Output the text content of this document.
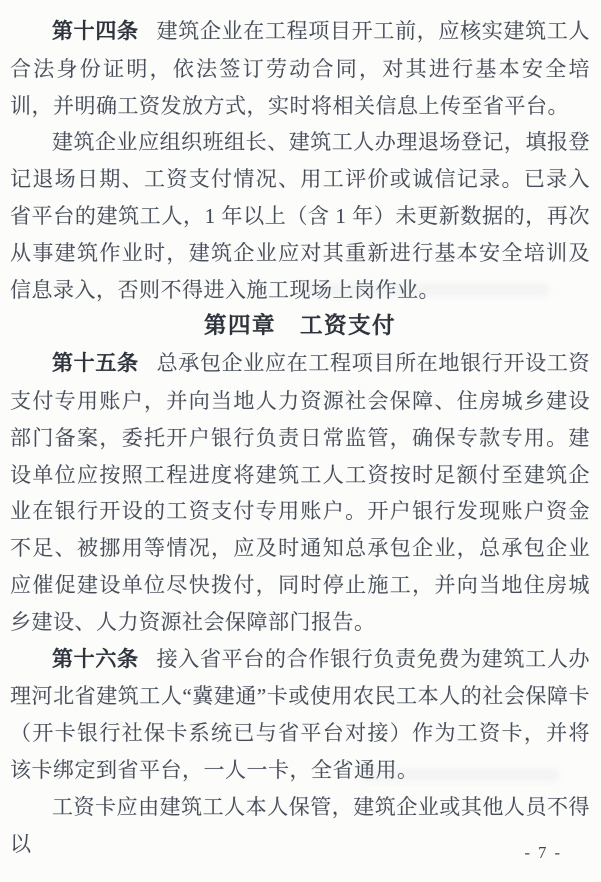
第十四条 建筑企业在工程项目开工前，应核实建筑工人合法身份证明，依法签订劳动合同，对其进行基本安全培训，并明确工资发放方式，实时将相关信息上传至省平台。

建筑企业应组织班组长、建筑工人办理退场登记，填报登记退场日期、工资支付情况、用工评价或诚信记录。已录入省平台的建筑工人，1 年以上（含 1 年）未更新数据的，再次从事建筑作业时，建筑企业应对其重新进行基本安全培训及信息录入，否则不得进入施工现场上岗作业。

第四章　工资支付

第十五条 总承包企业应在工程项目所在地银行开设工资支付专用账户，并向当地人力资源社会保障、住房城乡建设部门备案，委托开户银行负责日常监管，确保专款专用。建设单位应按照工程进度将建筑工人工资按时足额付至建筑企业在银行开设的工资支付专用账户。开户银行发现账户资金不足、被挪用等情况，应及时通知总承包企业，总承包企业应催促建设单位尽快拨付，同时停止施工，并向当地住房城乡建设、人力资源社会保障部门报告。

第十六条 接入省平台的合作银行负责免费为建筑工人办理河北省建筑工人“冀建通”卡或使用农民工本人的社会保障卡（开卡银行社保卡系统已与省平台对接）作为工资卡，并将该卡绑定到省平台，一人一卡，全省通用。

工资卡应由建筑工人本人保管，建筑企业或其他人员不得以	- 7 -
